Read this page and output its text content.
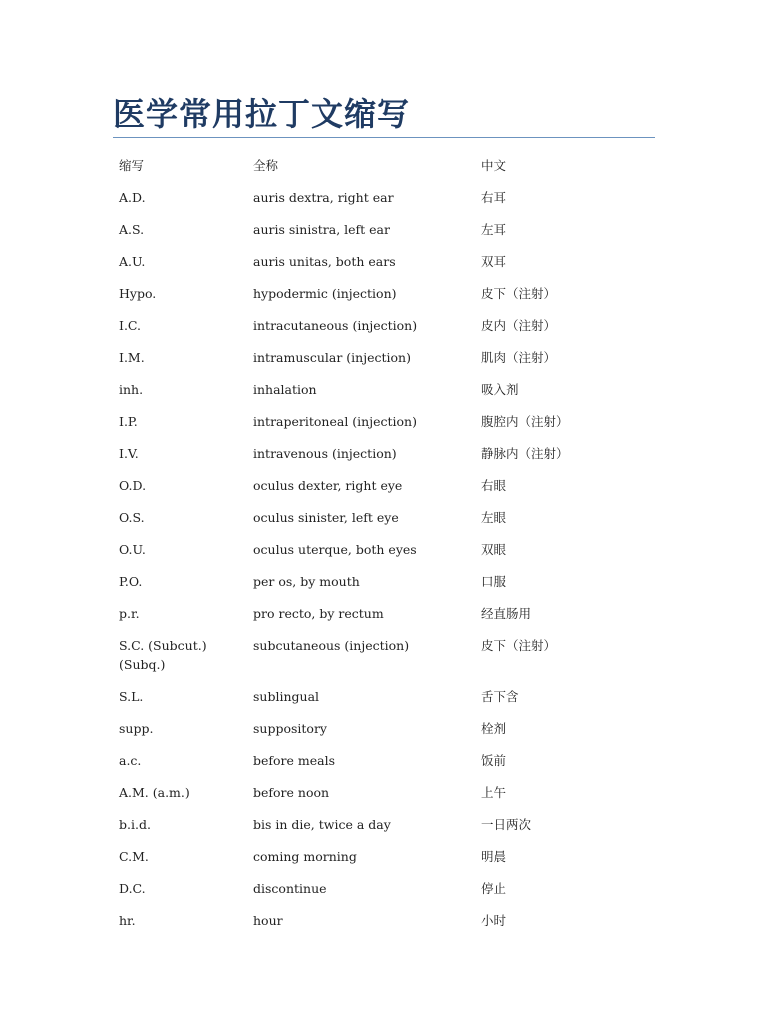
医学常用拉丁文缩写
缩写	全称	中文
A.D.	auris dextra, right ear	右耳
A.S.	auris sinistra, left ear	左耳
A.U.	auris unitas, both ears	双耳
Hypo.	hypodermic (injection)	皮下（注射）
I.C.	intracutaneous (injection)	皮内（注射）
I.M.	intramuscular (injection)	肌肉（注射）
inh.	inhalation	吸入剂
I.P.	intraperitoneal (injection)	腹腔内（注射）
I.V.	intravenous (injection)	静脉内（注射）
O.D.	oculus dexter, right eye	右眼
O.S.	oculus sinister, left eye	左眼
O.U.	oculus uterque, both eyes	双眼
P.O.	per os, by mouth	口服
p.r.	pro recto, by rectum	经直肠用
S.C. (Subcut.) (Subq.)	subcutaneous (injection)	皮下（注射）
S.L.	sublingual	舌下含
supp.	suppository	栓剂
a.c.	before meals	饭前
A.M. (a.m.)	before noon	上午
b.i.d.	bis in die, twice a day	一日两次
C.M.	coming morning	明晨
D.C.	discontinue	停止
hr.	hour	小时
